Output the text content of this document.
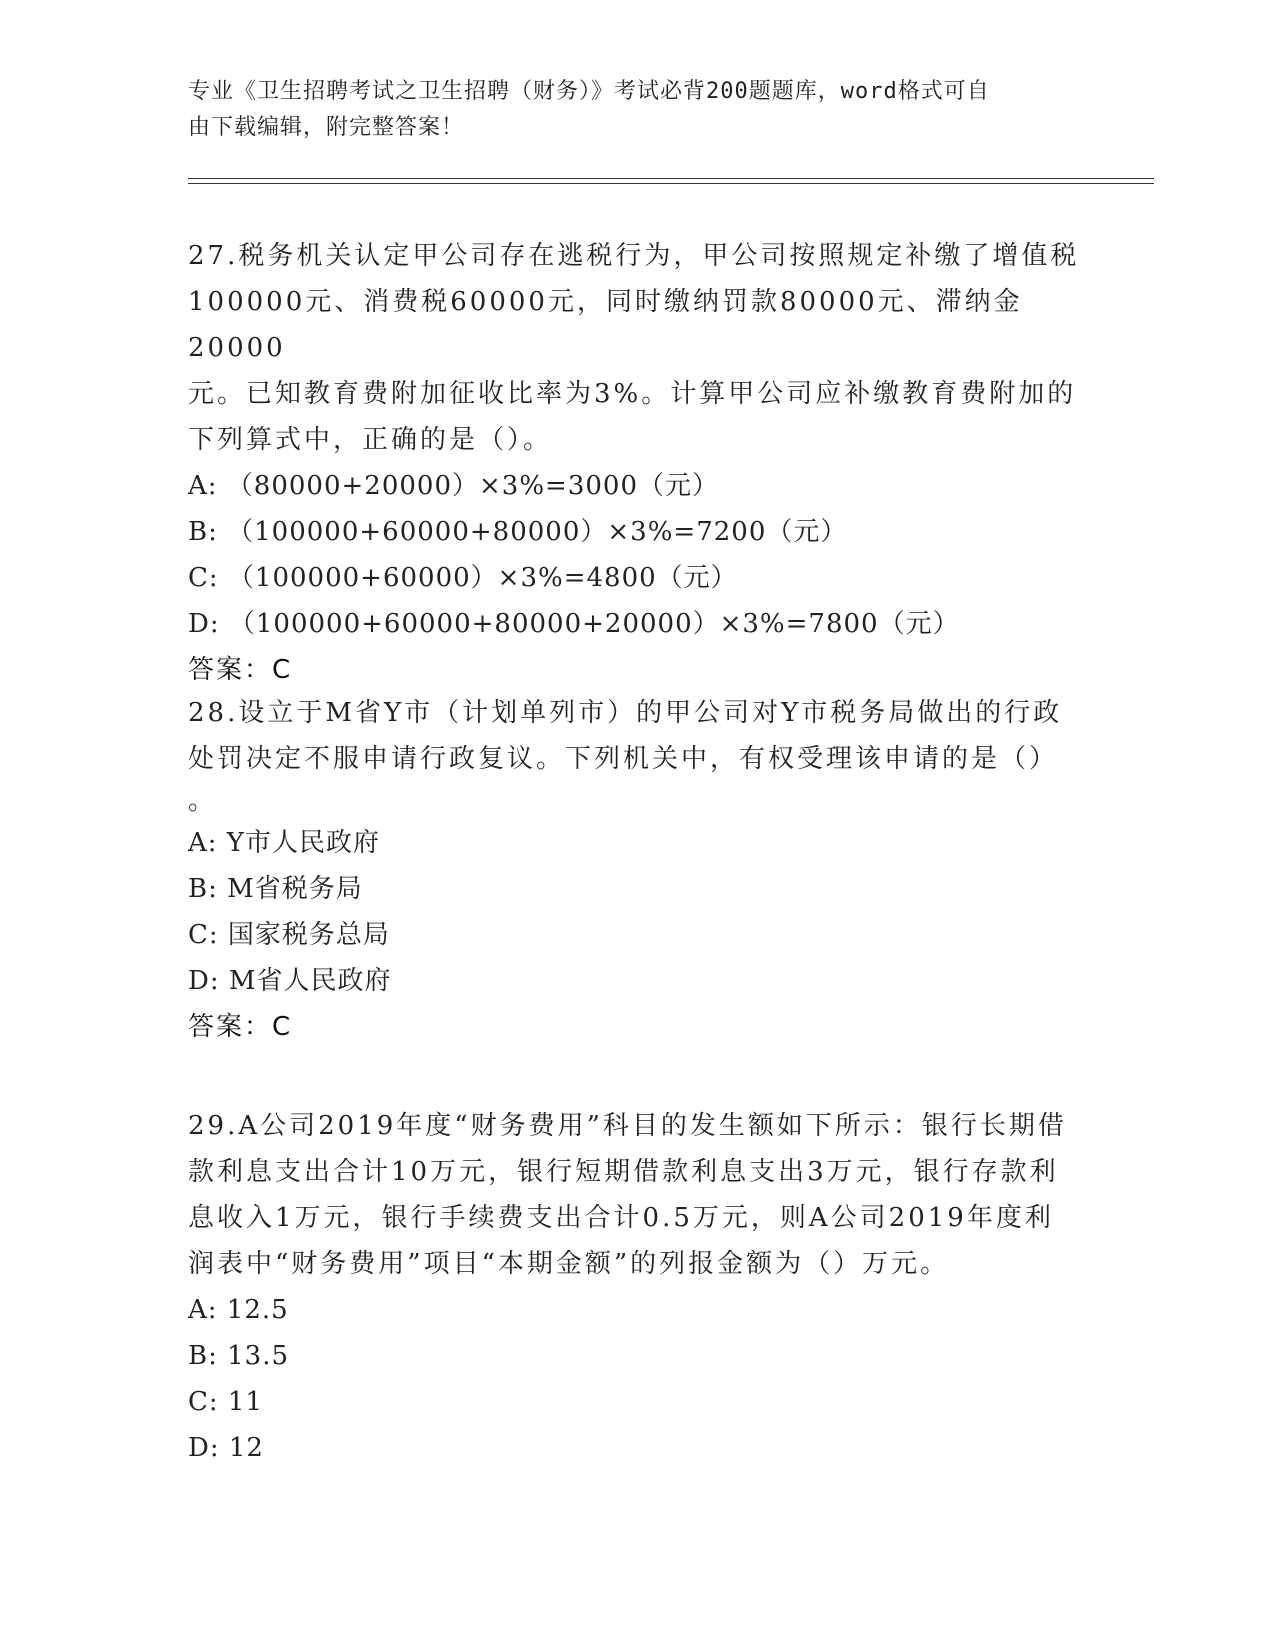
专业《卫生招聘考试之卫生招聘（财务）》考试必背200题题库，word格式可自
由下载编辑，附完整答案！

27.税务机关认定甲公司存在逃税行为，甲公司按照规定补缴了增值税

100000元、消费税60000元，同时缴纳罚款80000元、滞纳金20000

元。已知教育费附加征收比率为3%。计算甲公司应补缴教育费附加的

下列算式中，正确的是（）。

A: （80000+20000）×3%=3000（元）

B: （100000+60000+80000）×3%=7200（元）

C: （100000+60000）×3%=4800（元）

D: （100000+60000+80000+20000）×3%=7800（元）

答案：C

28.设立于M省Y市（计划单列市）的甲公司对Y市税务局做出的行政

处罚决定不服申请行政复议。下列机关中，有权受理该申请的是（）

。

A: Y市人民政府

B: M省税务局

C: 国家税务总局

D: M省人民政府

答案：C

29.A公司2019年度“财务费用”科目的发生额如下所示：银行长期借

款利息支出合计10万元，银行短期借款利息支出3万元，银行存款利

息收入1万元，银行手续费支出合计0.5万元，则A公司2019年度利

润表中“财务费用”项目“本期金额”的列报金额为（）万元。

A: 12.5

B: 13.5

C: 11

D: 12
